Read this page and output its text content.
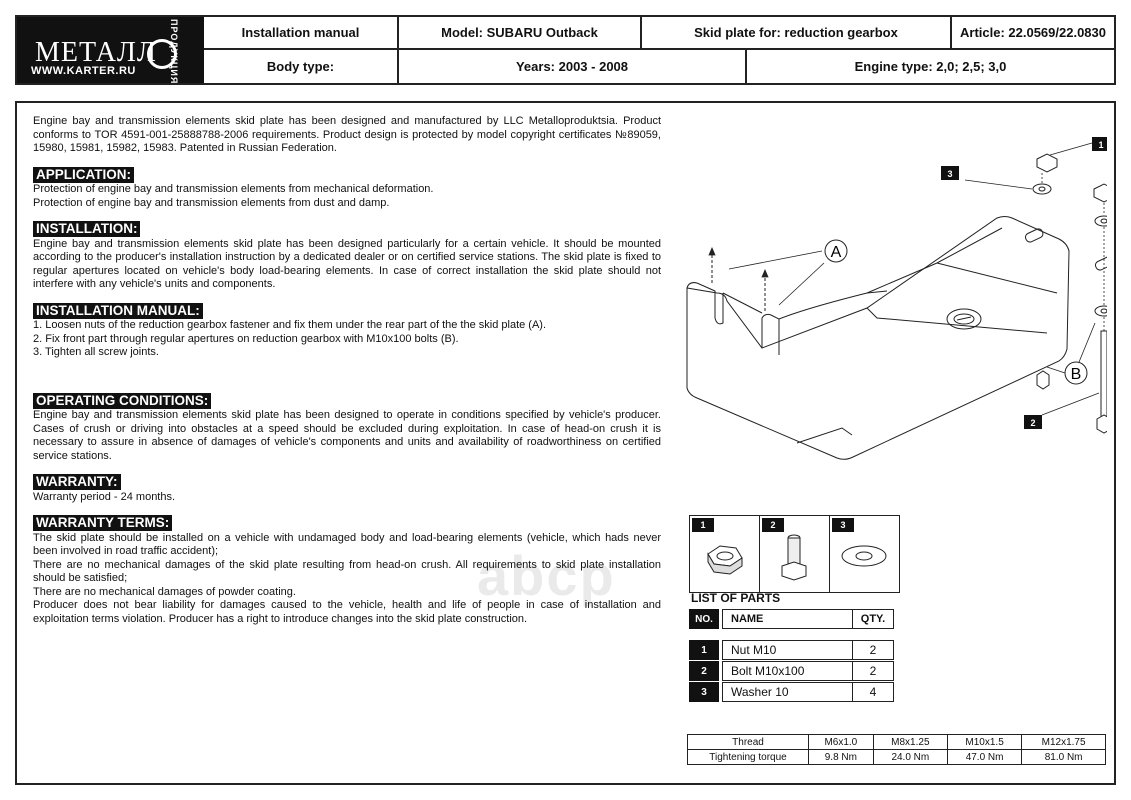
МЕТАЛЛ ПРОДУКЦИЯ
WWW.KARTER.RU
Installation manual	Model: SUBARU Outback	Skid plate for: reduction gearbox	Article: 22.0569/22.0830
Body type:	Years: 2003 - 2008	Engine type: 2,0; 2,5; 3,0

Engine bay and transmission elements skid plate has been designed and manufactured by LLC Metalloproduktsia. Product conforms to TOR 4591-001-25888788-2006 requirements. Product design is protected by model copyright certificates №89059, 15980, 15981, 15982, 15983. Patented in Russian Federation.

APPLICATION:

Protection of engine bay and transmission elements from mechanical deformation.

Protection of engine bay and transmission elements from dust and damp.

INSTALLATION:

Engine bay and transmission elements skid plate has been designed particularly for a certain vehicle. It should be mounted according to the producer's installation instruction by a dedicated dealer or on certified service stations. The skid plate is fixed to regular apertures located on vehicle's body load-bearing elements. In case of correct installation the skid plate should not interfere with any vehicle's units and components.

INSTALLATION MANUAL:

1. Loosen nuts of the reduction gearbox fastener and fix them under the rear part of the the skid plate (A).

2. Fix front part through regular apertures on reduction gearbox with M10x100 bolts (B).

3. Tighten all screw joints.

OPERATING CONDITIONS:

Engine bay and transmission elements skid plate has been designed to operate in conditions specified by vehicle's producer. Cases of crush or driving into obstacles at a speed should be excluded during exploitation. In case of head-on crush it is necessary to assure in absence of damages of vehicle's components and units and availability of roadworthiness on certified service stations.

WARRANTY:

Warranty period - 24 months.

WARRANTY TERMS:

The skid plate should be installed on a vehicle with undamaged body and load-bearing elements (vehicle, which hads never been involved in road traffic accident);

There are no mechanical damages of the skid plate resulting from head-on crush. All requirements to skid plate installation should be satisfied;

There are no mechanical damages of powder coating.

Producer does not bear liability for damages caused to the vehicle, health and life of people in case of installation and exploitation terms violation. Producer has a right to introduce changes into the skid plate construction.

abcp
A
B
1
3
2
1	2	3
LIST OF PARTS
NO.	NAME	QTY.
1	Nut M10	2
2	Bolt M10x100	2
3	Washer 10	4
Thread	M6x1.0	M8x1.25	M10x1.5	M12x1.75
Tightening torque	9.8 Nm	24.0 Nm	47.0 Nm	81.0 Nm
